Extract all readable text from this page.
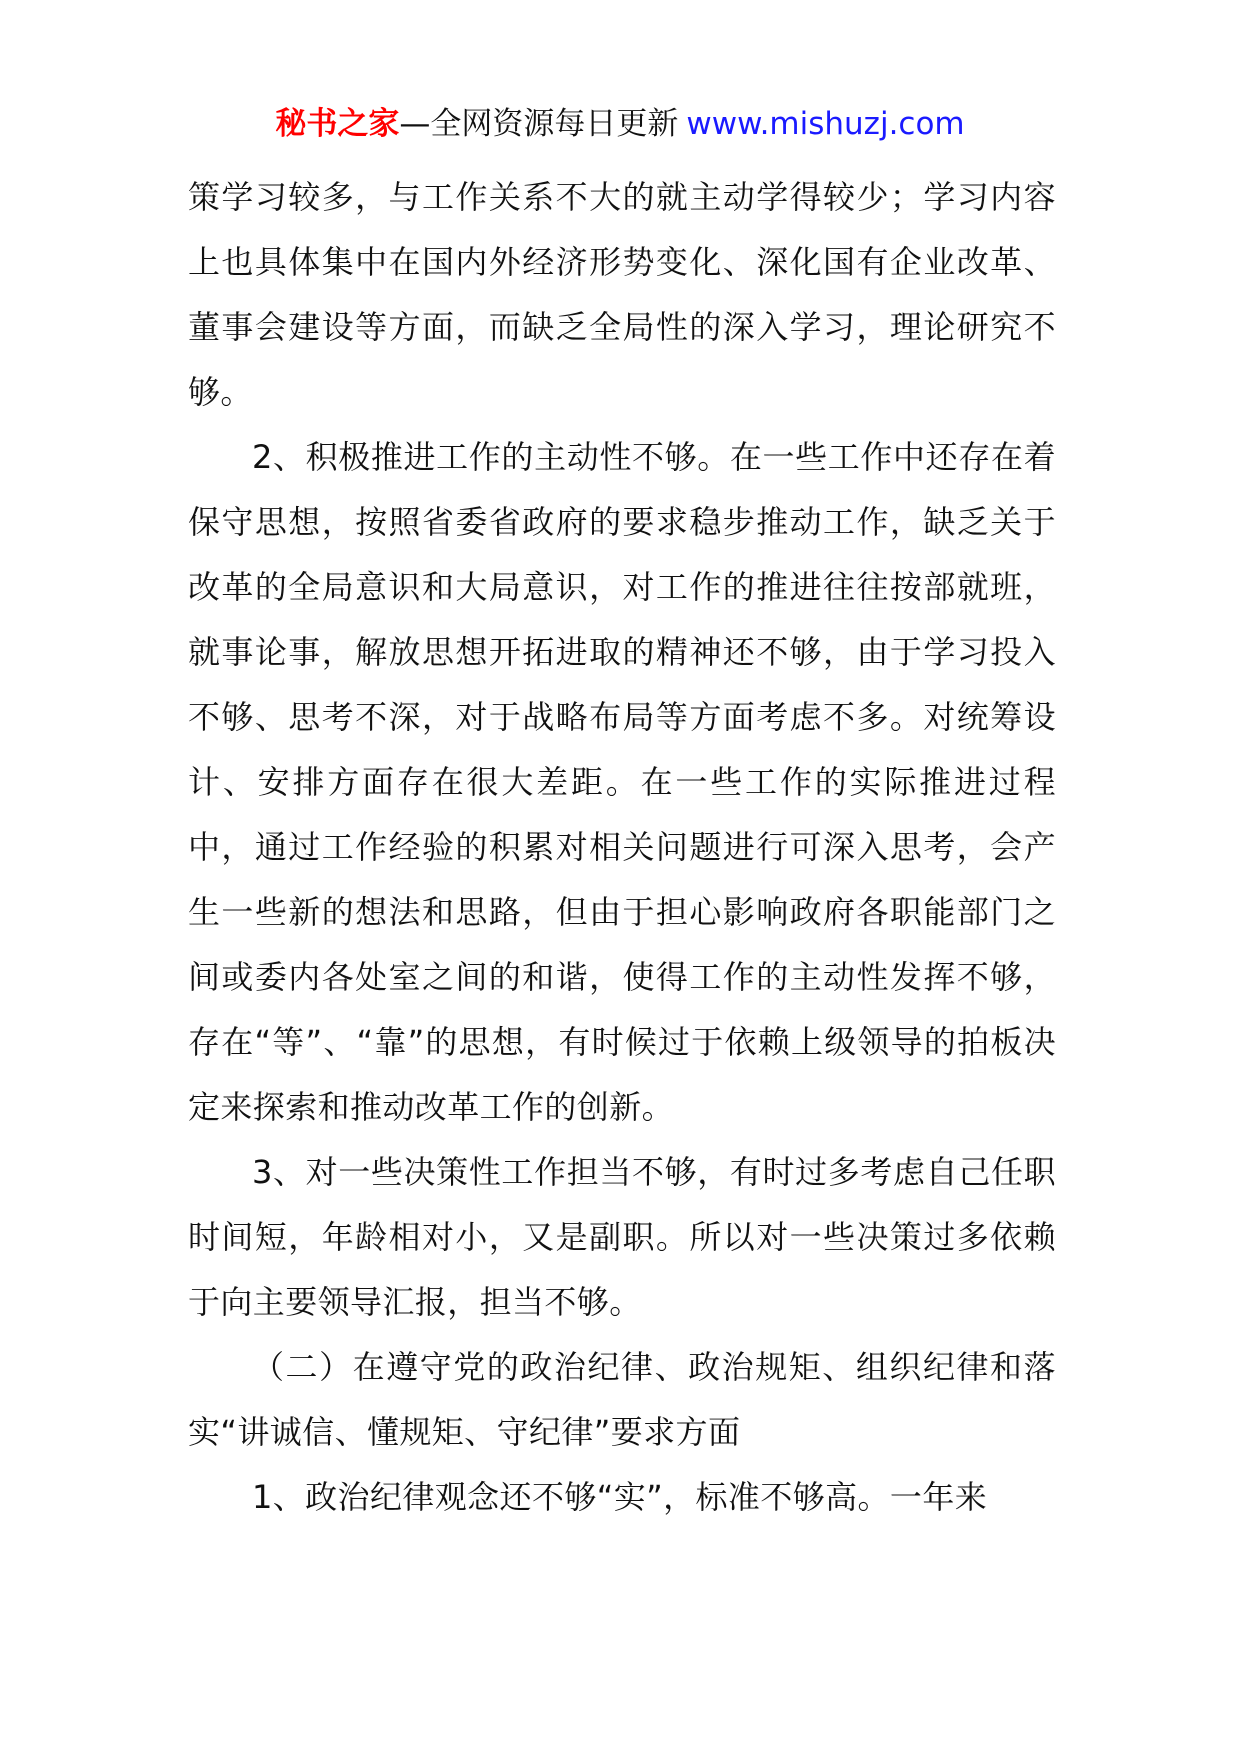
秘书之家—全网资源每日更新 www.mishuzj.com

策学习较多，与工作关系不大的就主动学得较少；学习内容上也具体集中在国内外经济形势变化、深化国有企业改革、董事会建设等方面，而缺乏全局性的深入学习，理论研究不够。

2、积极推进工作的主动性不够。在一些工作中还存在着保守思想，按照省委省政府的要求稳步推动工作，缺乏关于改革的全局意识和大局意识，对工作的推进往往按部就班，就事论事，解放思想开拓进取的精神还不够，由于学习投入不够、思考不深，对于战略布局等方面考虑不多。对统筹设计、安排方面存在很大差距。在一些工作的实际推进过程中，通过工作经验的积累对相关问题进行可深入思考，会产生一些新的想法和思路，但由于担心影响政府各职能部门之间或委内各处室之间的和谐，使得工作的主动性发挥不够，存在“等”、“靠”的思想，有时候过于依赖上级领导的拍板决定来探索和推动改革工作的创新。

3、对一些决策性工作担当不够，有时过多考虑自己任职时间短，年龄相对小，又是副职。所以对一些决策过多依赖于向主要领导汇报，担当不够。

（二）在遵守党的政治纪律、政治规矩、组织纪律和落实“讲诚信、懂规矩、守纪律”要求方面

1、政治纪律观念还不够“实”，标准不够高。一年来
